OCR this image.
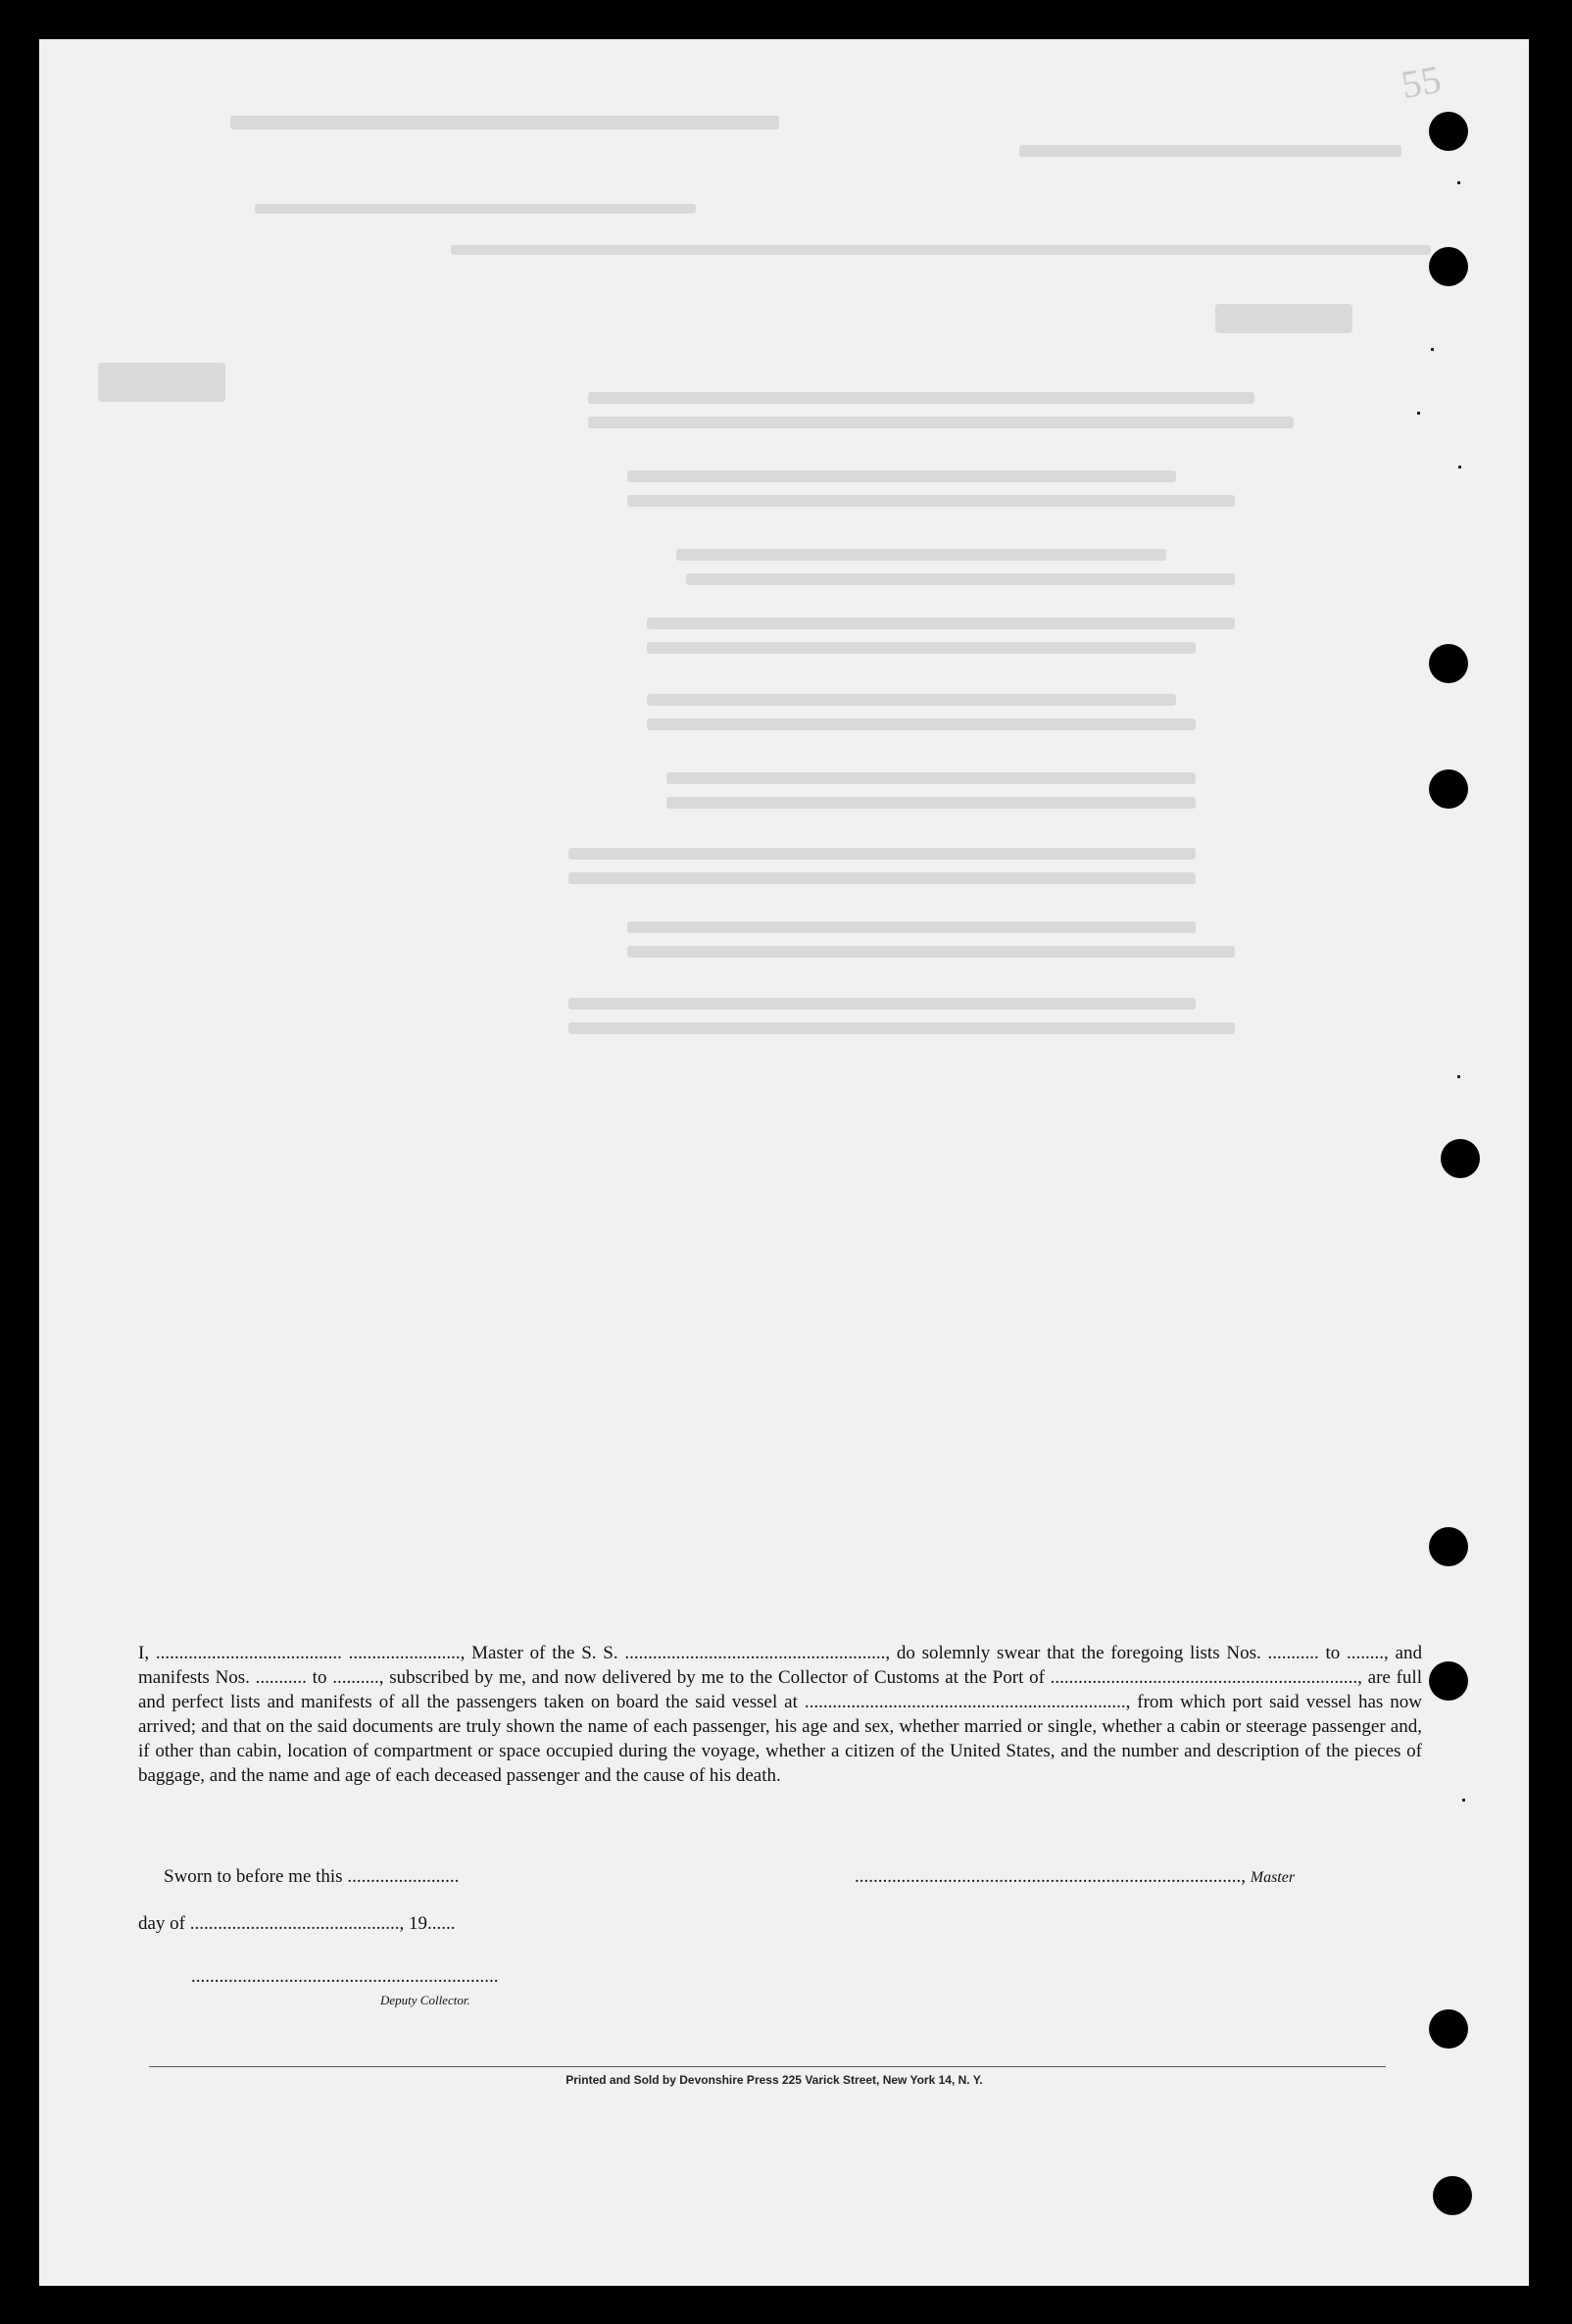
55

I, ........................................ ........................, Master of the S. S. ........................................................, do solemnly swear that the foregoing lists Nos. ........... to ........, and manifests Nos. ........... to .........., subscribed by me, and now delivered by me to the Collector of Customs at the Port of .................................................................., are full and perfect lists and manifests of all the passengers taken on board the said vessel at ....................................................................., from which port said vessel has now arrived; and that on the said documents are truly shown the name of each passenger, his age and sex, whether married or single, whether a cabin or steerage passenger and, if other than cabin, location of compartment or space occupied during the voyage, whether a citizen of the United States, and the number and description of the pieces of baggage, and the name and age of each deceased passenger and the cause of his death.

Sworn to before me this ........................	..................................................................................., Master
day of ............................................., 19......
..................................................................
Deputy Collector.
Printed and Sold by Devonshire Press 225 Varick Street, New York 14, N. Y.
